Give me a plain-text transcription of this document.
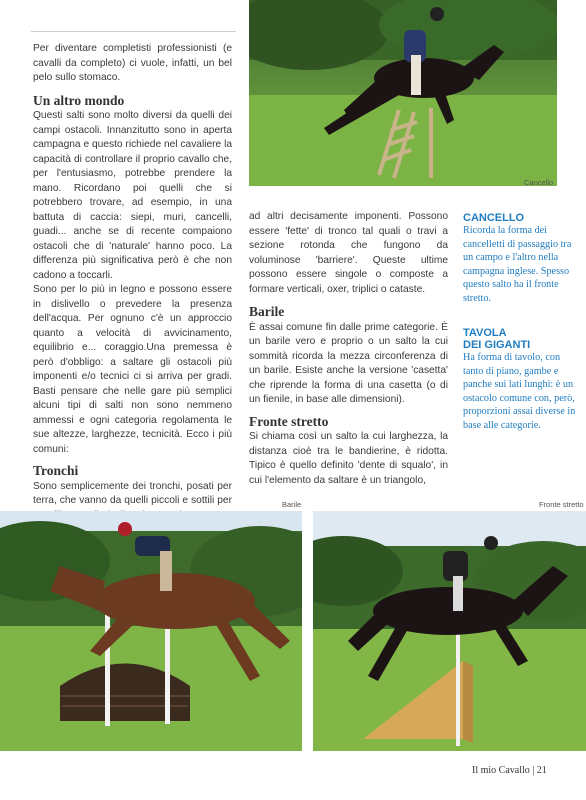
Per diventare completisti professionisti (e cavalli da completo) ci vuole, infatti, un bel pelo sullo stomaco.

Un altro mondo

Questi salti sono molto diversi da quelli dei campi ostacoli. Innanzitutto sono in aperta campagna e questo richiede nel cavaliere la capacità di controllare il proprio cavallo che, per l'entusiasmo, potrebbe prendere la mano. Ricordano poi quelli che si potrebbero trovare, ad esempio, in una battuta di caccia: siepi, muri, cancelli, guadi... anche se di recente compaiono ostacoli che di 'naturale' hanno poco. La differenza più significativa però è che non cadono a toccarli.

Sono per lo più in legno e possono essere in dislivello o prevedere la presenza dell'acqua. Per ognuno c'è un approccio quanto a velocità di avvicinamento, equilibrio e... coraggio.Una premessa è però d'obbligo: a saltare gli ostacoli più imponenti e/o tecnici ci si arriva per gradi. Basti pensare che nelle gare più semplici alcuni tipi di salti non sono nemmeno ammessi e ogni categoria regolamenta le sue altezze, larghezze, tecnicità. Ecco i più comuni:

Tronchi

Sono semplicemente dei tronchi, posati per terra, che vanno da quelli piccoli e sottili per

Cancello

ad altri decisamente imponenti. Possono essere 'fette' di tronco tal quali o travi a sezione rotonda che fungono da voluminose 'barriere'. Queste ultime possono essere singole o composte a formare verticali, oxer, triplici o cataste.

Barile

È assai comune fin dalle prime categorie. È un barile vero e proprio o un salto la cui sommità ricorda la mezza circonferenza di un barile. Esiste anche la versione 'casetta' che riprende la forma di una casetta (o di un fienile, in base alle dimensioni).

Fronte stretto

Si chiama così un salto la cui larghezza, la distanza cioè tra le bandierine, è ridotta. Tipico è quello definito 'dente di squalo', in cui l'elemento da saltare è un triangolo,

CANCELLO
Ricorda la forma dei cancelletti di passaggio tra un campo e l'altro nella campagna inglese. Spesso questo salto ha il fronte stretto.
TAVOLA
DEI GIGANTI
Ha forma di tavolo, con tanto di piano, gambe e panche sui lati lunghi: è un ostacolo comune con, però, proporzioni assai diverse in base alle categorie.
Barile	Fronte stretto
Il mio Cavallo | 21
